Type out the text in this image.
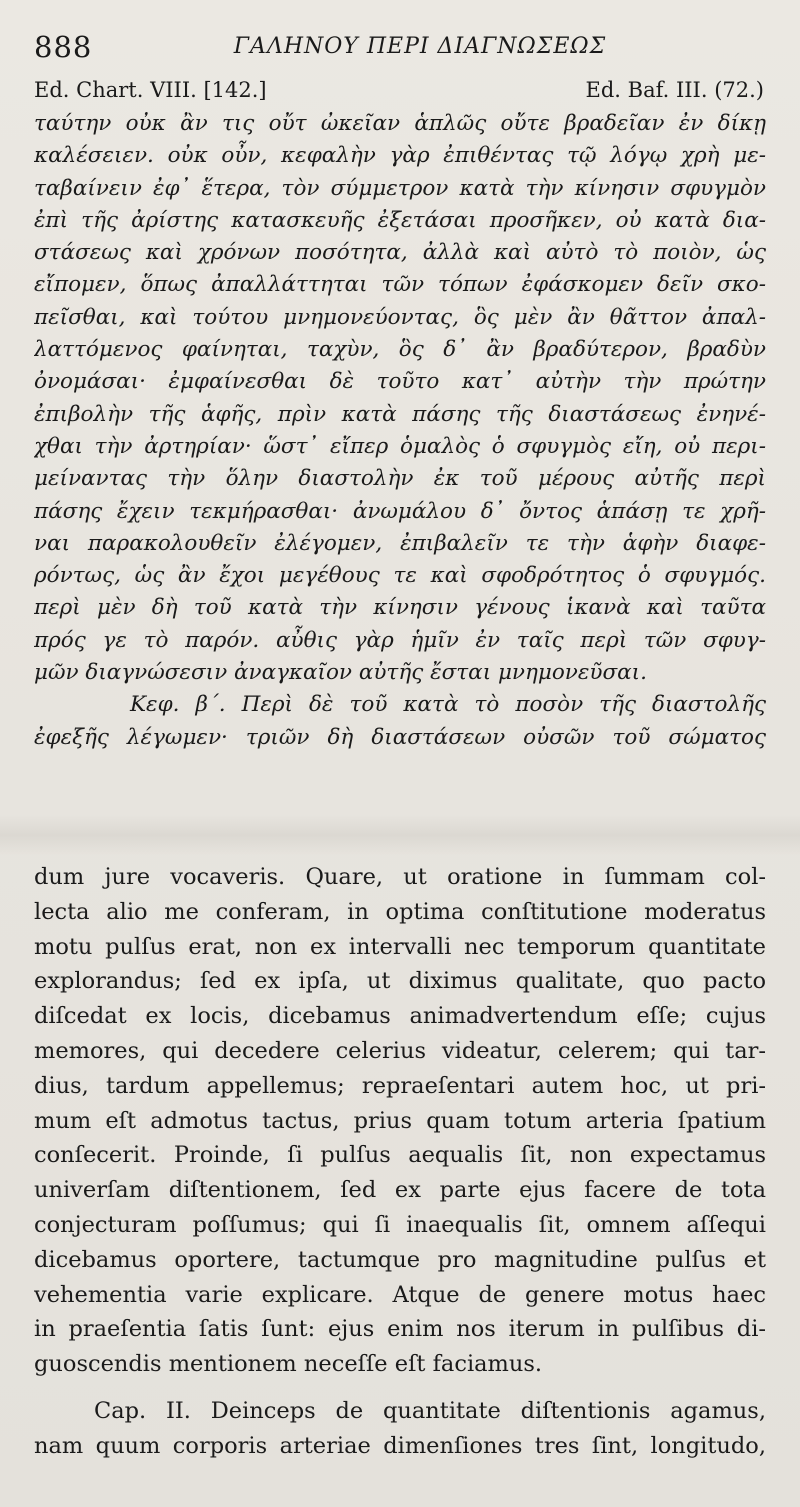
888	ΓΑΛΗΝΟΥ ΠΕΡΙ ΔΙΑΓΝΩΣΕΩΣ
Ed. Chart. VIII. [142.]	Ed. Baf. III. (72.)
ταύτην οὐκ ἂν τις οὔτ ὠκεῖαν ἁπλῶς οὔτε βραδεῖαν ἐν δίκῃ
καλέσειεν. οὐκ οὖν, κεφαλὴν γὰρ ἐπιθέντας τῷ λόγῳ χρὴ με-
ταβαίνειν ἐφ᾽ ἕτερα, τὸν σύμμετρον κατὰ τὴν κίνησιν σφυγμὸν
ἐπὶ τῆς ἀρίστης κατασκευῆς ἐξετάσαι προσῆκεν, οὐ κατὰ δια-
στάσεως καὶ χρόνων ποσότητα, ἀλλὰ καὶ αὐτὸ τὸ ποιὸν, ὡς
εἴπομεν, ὅπως ἀπαλλάττηται τῶν τόπων ἐφάσκομεν δεῖν σκο-
πεῖσθαι, καὶ τούτου μνημονεύοντας, ὃς μὲν ἂν θᾶττον ἀπαλ-
λαττόμενος φαίνηται, ταχὺν, ὃς δ᾽ ἂν βραδύτερον, βραδὺν
ὀνομάσαι· ἐμφαίνεσθαι δὲ τοῦτο κατ᾽ αὐτὴν τὴν πρώτην
ἐπιβολὴν τῆς ἁφῆς, πρὶν κατὰ πάσης τῆς διαστάσεως ἐνηνέ-
χθαι τὴν ἀρτηρίαν· ὥστ᾽ εἴπερ ὁμαλὸς ὁ σφυγμὸς εἴη, οὐ περι-
μείναντας τὴν ὅλην διαστολὴν ἐκ τοῦ μέρους αὐτῆς περὶ
πάσης ἔχειν τεκμήρασθαι· ἀνωμάλου δ᾽ ὄντος ἁπάσῃ τε χρῆ-
ναι παρακολουθεῖν ἐλέγομεν, ἐπιβαλεῖν τε τὴν ἁφὴν διαφε-
ρόντως, ὡς ἂν ἔχοι μεγέθους τε καὶ σφοδρότητος ὁ σφυγμός.
περὶ μὲν δὴ τοῦ κατὰ τὴν κίνησιν γένους ἱκανὰ καὶ ταῦτα
πρός γε τὸ παρόν. αὖθις γὰρ ἡμῖν ἐν ταῖς περὶ τῶν σφυγ-
μῶν διαγνώσεσιν ἀναγκαῖον αὐτῆς ἔσται μνημονεῦσαι.
Κεφ. β΄. Περὶ δὲ τοῦ κατὰ τὸ ποσὸν τῆς διαστολῆς
ἐφεξῆς λέγωμεν· τριῶν δὴ διαστάσεων οὐσῶν τοῦ σώματος
dum jure vocaveris. Quare, ut oratione in ſummam col-
lecta alio me conferam, in optima conſtitutione moderatus
motu pulſus erat, non ex intervalli nec temporum quantitate
explorandus; ſed ex ipſa, ut diximus qualitate, quo pacto
diſcedat ex locis, dicebamus animadvertendum eſſe; cujus
memores, qui decedere celerius videatur, celerem; qui tar-
dius, tardum appellemus; repraeſentari autem hoc, ut pri-
mum eſt admotus tactus, prius quam totum arteria ſpatium
conſecerit. Proinde, ſi pulſus aequalis ſit, non expectamus
univerſam diſtentionem, ſed ex parte ejus facere de tota
conjecturam poſſumus; qui ſi inaequalis ſit, omnem aſſequi
dicebamus oportere, tactumque pro magnitudine pulſus et
vehementia varie explicare. Atque de genere motus haec
in praeſentia ſatis ſunt: ejus enim nos iterum in pulſibus di-
guoscendis mentionem neceſſe eſt faciamus.
Cap. II. Deinceps de quantitate diſtentionis agamus,
nam quum corporis arteriae dimenſiones tres ſint, longitudo,
